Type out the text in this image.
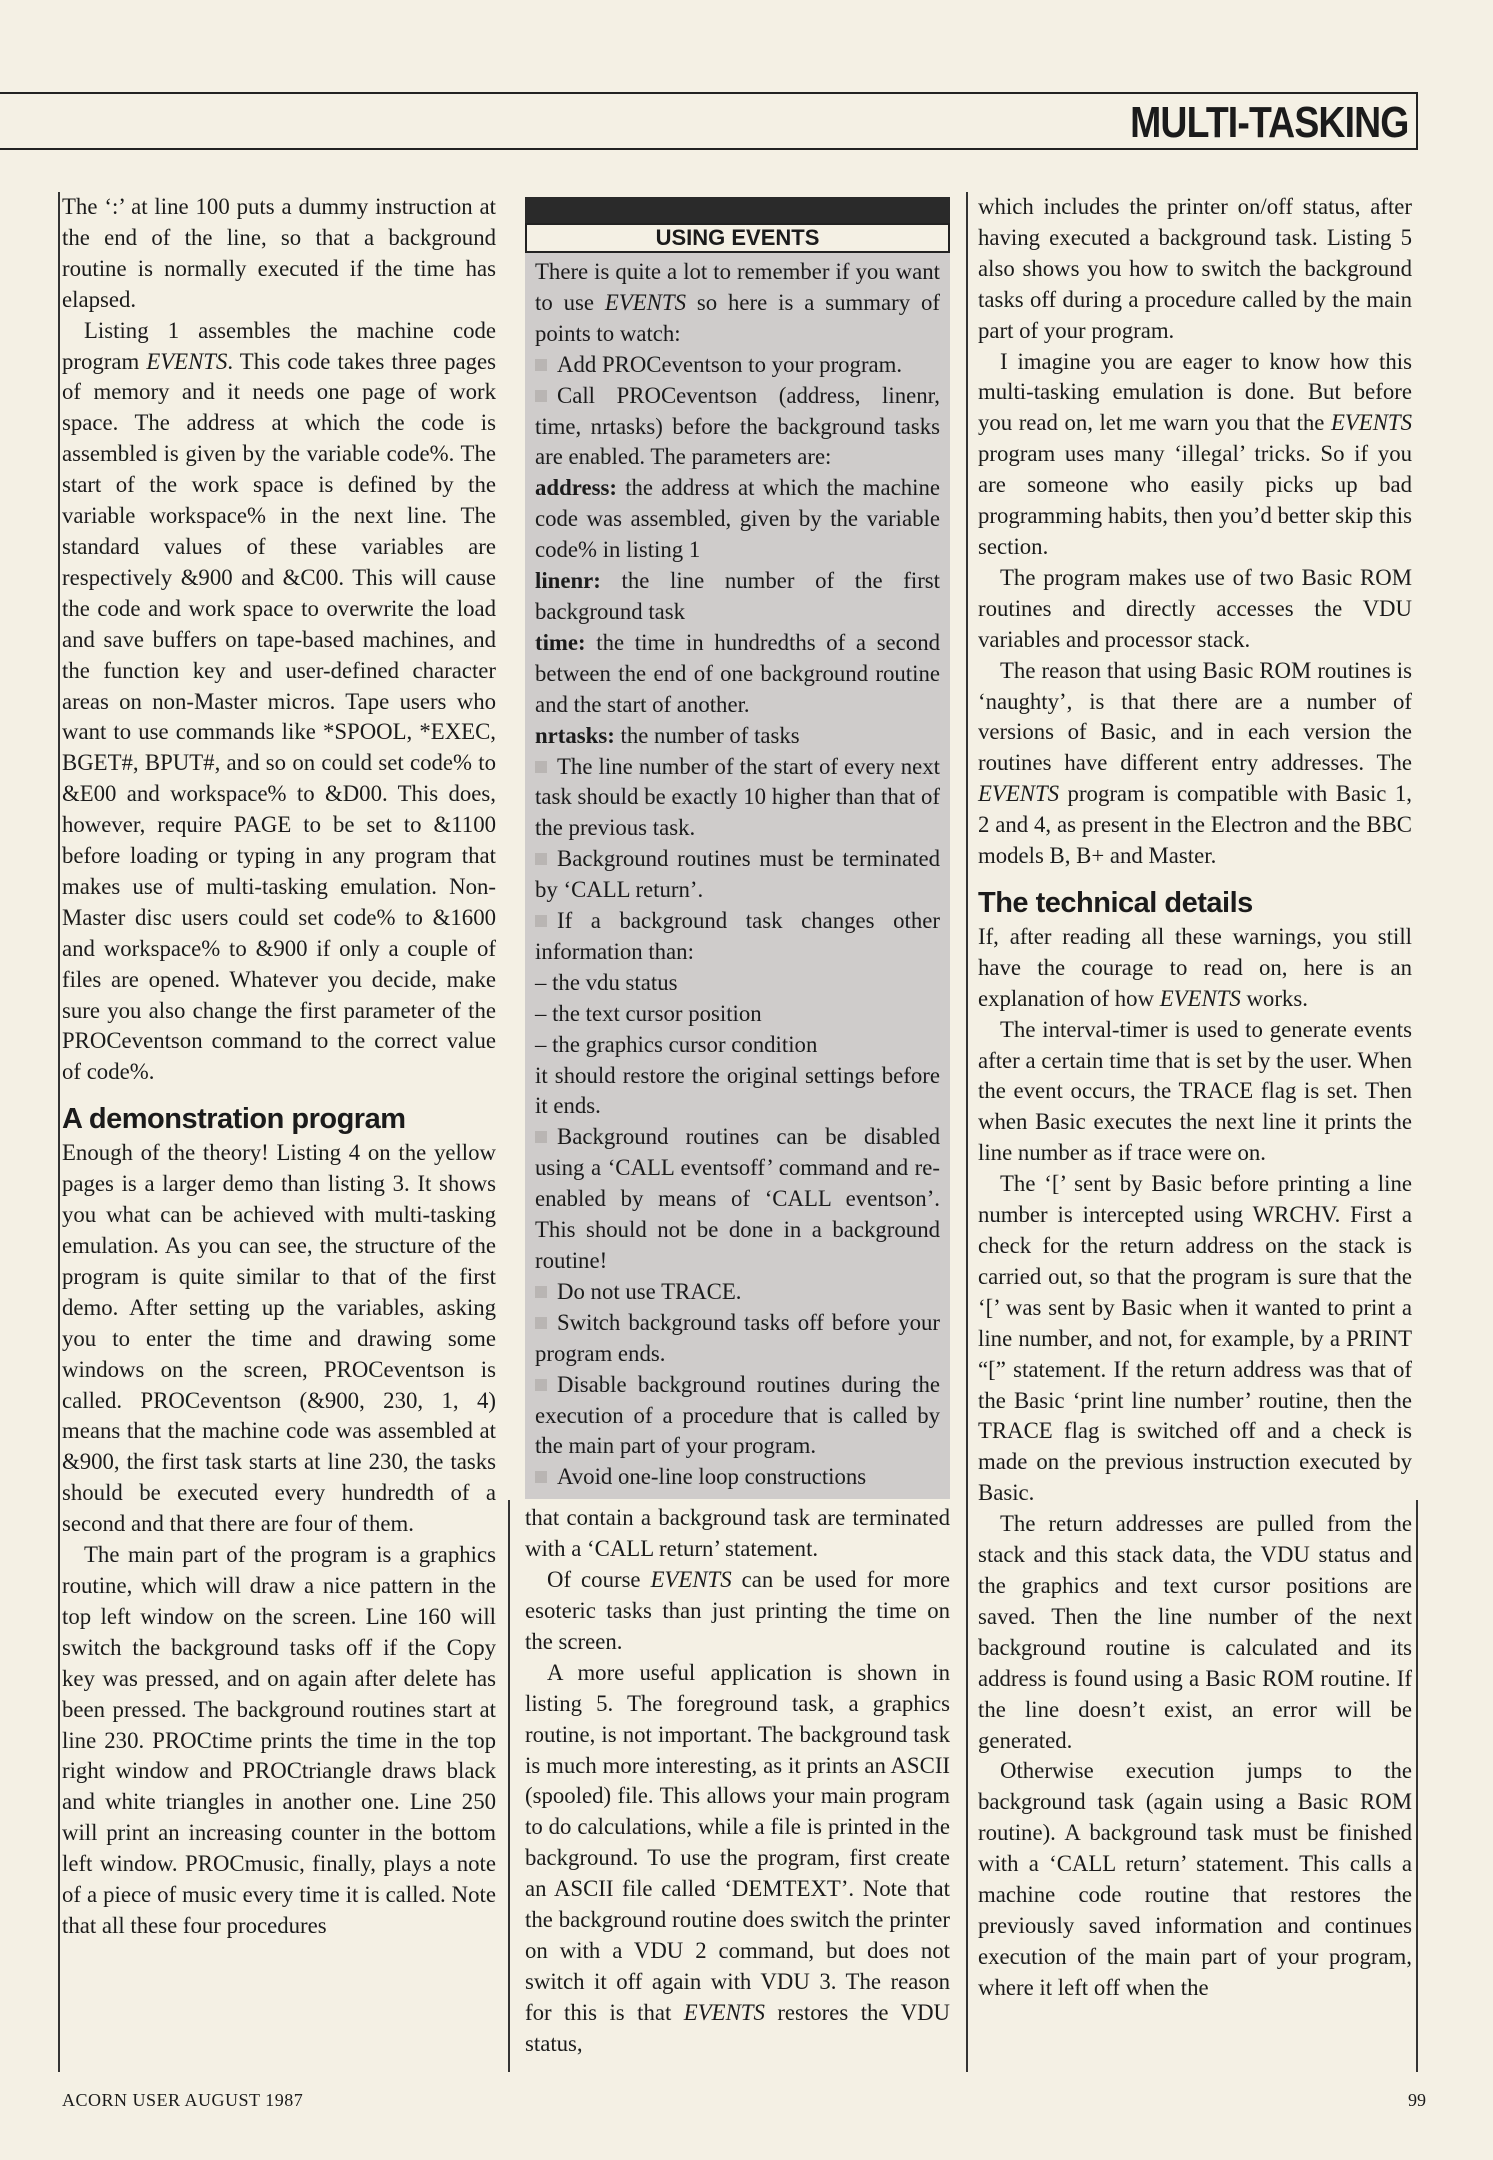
MULTI-TASKING

The ‘:’ at line 100 puts a dummy instruction at the end of the line, so that a background routine is normally executed if the time has elapsed.

Listing 1 assembles the machine code program EVENTS. This code takes three pages of memory and it needs one page of work space. The address at which the code is assembled is given by the variable code%. The start of the work space is defined by the variable workspace% in the next line. The standard values of these variables are respectively &900 and &C00. This will cause the code and work space to overwrite the load and save buffers on tape-based machines, and the function key and user-defined character areas on non-Master micros. Tape users who want to use commands like *SPOOL, *EXEC, BGET#, BPUT#, and so on could set code% to &E00 and workspace% to &D00. This does, however, require PAGE to be set to &1100 before loading or typing in any program that makes use of multi-tasking emulation. Non-Master disc users could set code% to &1600 and workspace% to &900 if only a couple of files are opened. Whatever you decide, make sure you also change the first parameter of the PROCeventson command to the correct value of code%.

A demonstration program

Enough of the theory! Listing 4 on the yellow pages is a larger demo than listing 3. It shows you what can be achieved with multi-tasking emulation. As you can see, the structure of the program is quite similar to that of the first demo. After setting up the variables, asking you to enter the time and drawing some windows on the screen, PROCeventson is called. PROCeventson (&900, 230, 1, 4) means that the machine code was assembled at &900, the first task starts at line 230, the tasks should be executed every hundredth of a second and that there are four of them.

The main part of the program is a graphics routine, which will draw a nice pattern in the top left window on the screen. Line 160 will switch the background tasks off if the Copy key was pressed, and on again after delete has been pressed. The background routines start at line 230. PROCtime prints the time in the top right window and PROCtriangle draws black and white triangles in another one. Line 250 will print an increasing counter in the bottom left window. PROCmusic, finally, plays a note of a piece of music every time it is called. Note that all these four procedures

USING EVENTS

There is quite a lot to remember if you want to use EVENTS so here is a summary of points to watch:

Add PROCeventson to your program.

Call PROCeventson (address, linenr, time, nrtasks) before the background tasks are enabled. The parameters are:

address: the address at which the machine code was assembled, given by the variable code% in listing 1

linenr: the line number of the first background task

time: the time in hundredths of a second between the end of one background routine and the start of another.

nrtasks: the number of tasks

The line number of the start of every next task should be exactly 10 higher than that of the previous task.

Background routines must be terminated by ‘CALL return’.

If a background task changes other information than:

– the vdu status

– the text cursor position

– the graphics cursor condition

it should restore the original settings before it ends.

Background routines can be disabled using a ‘CALL eventsoff’ command and re-enabled by means of ‘CALL eventson’. This should not be done in a background routine!

Do not use TRACE.

Switch background tasks off before your program ends.

Disable background routines during the execution of a procedure that is called by the main part of your program.

Avoid one-line loop constructions

that contain a background task are terminated with a ‘CALL return’ statement.

Of course EVENTS can be used for more esoteric tasks than just printing the time on the screen.

A more useful application is shown in listing 5. The foreground task, a graphics routine, is not important. The background task is much more interesting, as it prints an ASCII (spooled) file. This allows your main program to do calculations, while a file is printed in the background. To use the program, first create an ASCII file called ‘DEMTEXT’. Note that the background routine does switch the printer on with a VDU 2 command, but does not switch it off again with VDU 3. The reason for this is that EVENTS restores the VDU status,

which includes the printer on/off status, after having executed a background task. Listing 5 also shows you how to switch the background tasks off during a procedure called by the main part of your program.

I imagine you are eager to know how this multi-tasking emulation is done. But before you read on, let me warn you that the EVENTS program uses many ‘illegal’ tricks. So if you are someone who easily picks up bad programming habits, then you’d better skip this section.

The program makes use of two Basic ROM routines and directly accesses the VDU variables and processor stack.

The reason that using Basic ROM routines is ‘naughty’, is that there are a number of versions of Basic, and in each version the routines have different entry addresses. The EVENTS program is compatible with Basic 1, 2 and 4, as present in the Electron and the BBC models B, B+ and Master.

The technical details

If, after reading all these warnings, you still have the courage to read on, here is an explanation of how EVENTS works.

The interval-timer is used to generate events after a certain time that is set by the user. When the event occurs, the TRACE flag is set. Then when Basic executes the next line it prints the line number as if trace were on.

The ‘[’ sent by Basic before printing a line number is intercepted using WRCHV. First a check for the return address on the stack is carried out, so that the program is sure that the ‘[’ was sent by Basic when it wanted to print a line number, and not, for example, by a PRINT “[” statement. If the return address was that of the Basic ‘print line number’ routine, then the TRACE flag is switched off and a check is made on the previous instruction executed by Basic.

The return addresses are pulled from the stack and this stack data, the VDU status and the graphics and text cursor positions are saved. Then the line number of the next background routine is calculated and its address is found using a Basic ROM routine. If the line doesn’t exist, an error will be generated.

Otherwise execution jumps to the background task (again using a Basic ROM routine). A background task must be finished with a ‘CALL return’ statement. This calls a machine code routine that restores the previously saved information and continues execution of the main part of your program, where it left off when the

ACORN USER AUGUST 1987	99
